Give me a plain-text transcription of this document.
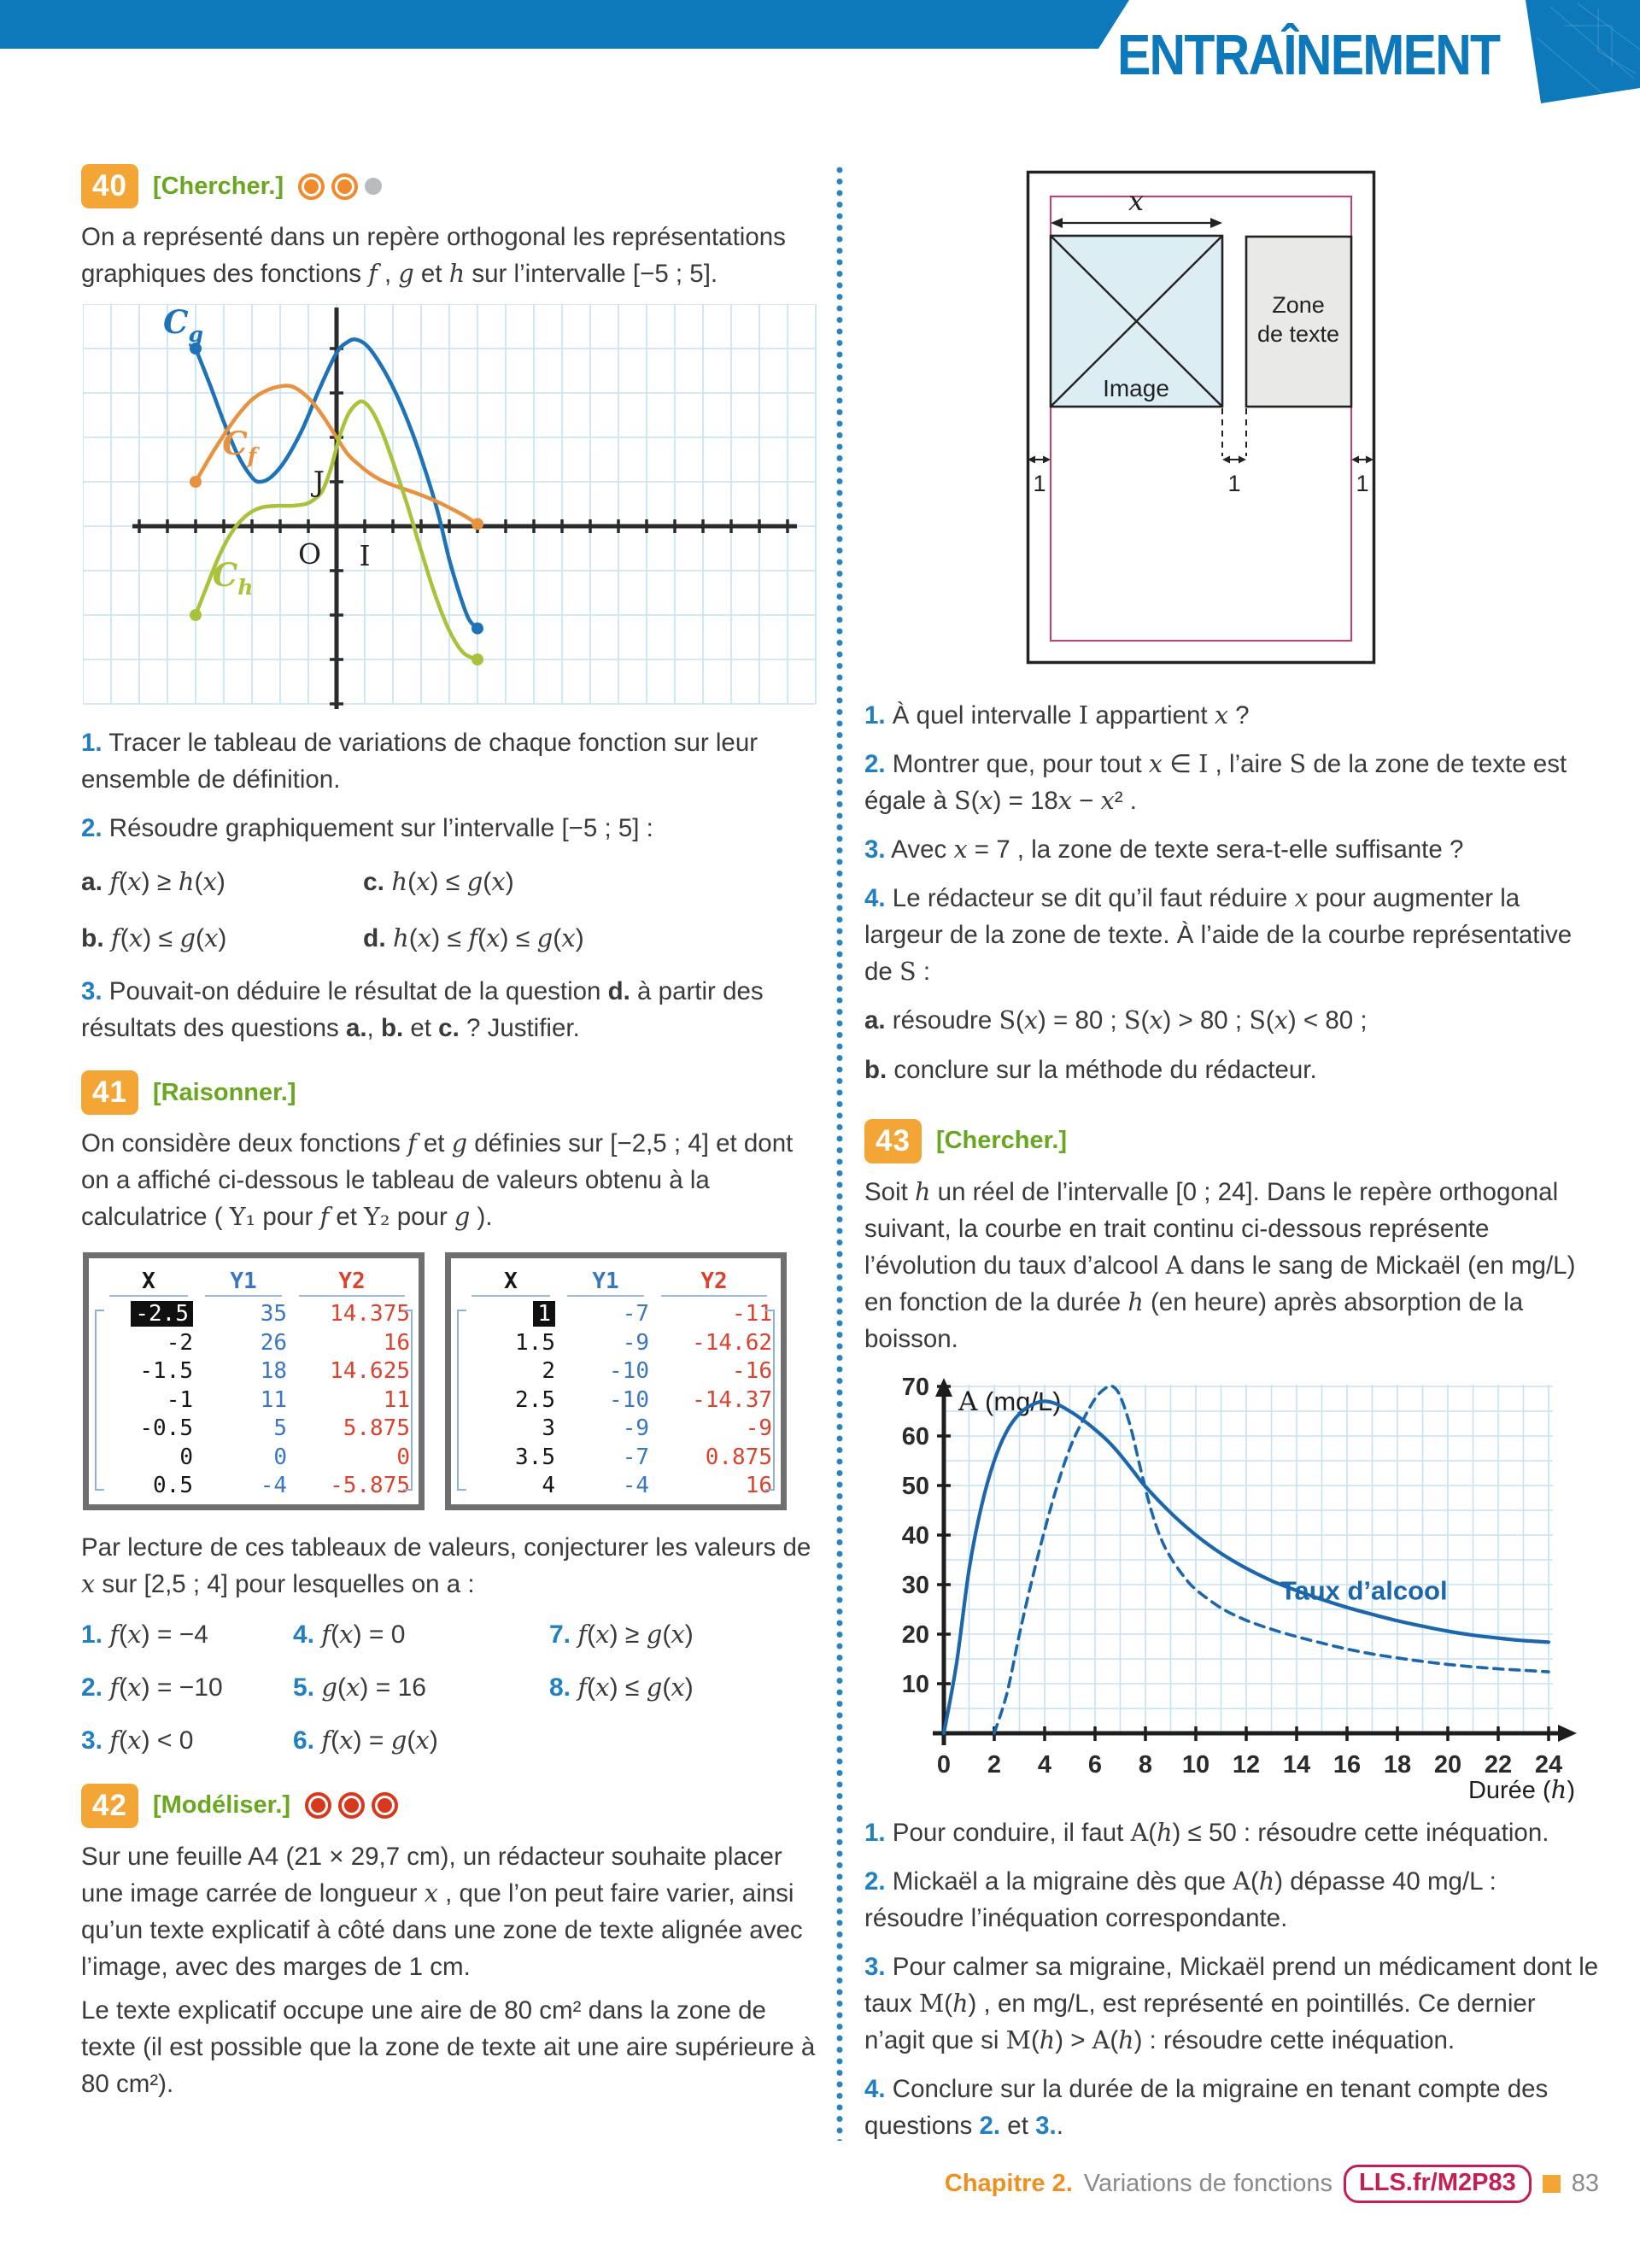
ENTRAÎNEMENT
40	[Chercher.]

On a représenté dans un repère orthogonal les représentations graphiques des fonctions f , g et h sur l’intervalle [−5 ; 5].

$C_g$
$C_f$
$C_h$
O I
J
1. Tracer le tableau de variations de chaque fonction sur leur ensemble de définition.
2. Résoudre graphiquement sur l’intervalle [−5 ; 5] :
a. f(x) ≥ h(x)	c. h(x) ≤ g(x)
b. f(x) ≤ g(x)	d. h(x) ≤ f(x) ≤ g(x)
3. Pouvait-on déduire le résultat de la question d. à partir des résultats des questions a., b. et c. ? Justifier.
41	[Raisonner.]

On considère deux fonctions f et g définies sur [−2,5 ; 4] et dont on a affiché ci-dessous le tableau de valeurs obtenu à la calculatrice ( Y₁ pour f et Y₂ pour g ).

X	Y1	Y2
-2.5	35	14.375
-2	26	16
-1.5	18	14.625
-1	11	11
-0.5	5	5.875
0	0	0
0.5	-4	-5.875
X	Y1	Y2
1	-7	-11
1.5	-9	-14.62
2	-10	-16
2.5	-10	-14.37
3	-9	-9
3.5	-7	0.875
4	-4	16

Par lecture de ces tableaux de valeurs, conjecturer les valeurs de x sur [2,5 ; 4] pour lesquelles on a :

1. f(x) = −4
2. f(x) = −10
3. f(x) < 0
4. f(x) = 0
5. g(x) = 16
6. f(x) = g(x)
7. f(x) ≥ g(x)
8. f(x) ≤ g(x)
42	[Modéliser.]

Sur une feuille A4 (21 × 29,7 cm), un rédacteur souhaite placer une image carrée de longueur x , que l’on peut faire varier, ainsi qu’un texte explicatif à côté dans une zone de texte alignée avec l’image, avec des marges de 1 cm.

Le texte explicatif occupe une aire de 80 cm² dans la zone de texte (il est possible que la zone de texte ait une aire supérieure à 80 cm²).

x
Image
Zone
de texte
1	1	1
1. À quel intervalle I appartient x ?
2. Montrer que, pour tout x ∈ I , l’aire S de la zone de texte est égale à S(x) = 18x − x² .
3. Avec x = 7 , la zone de texte sera-t-elle suffisante ?
4. Le rédacteur se dit qu’il faut réduire x pour augmenter la largeur de la zone de texte. À l’aide de la courbe représentative de S :
a. résoudre S(x) = 80 ; S(x) > 80 ; S(x) < 80 ;
b. conclure sur la méthode du rédacteur.
43	[Chercher.]

Soit h un réel de l’intervalle [0 ; 24]. Dans le repère orthogonal suivant, la courbe en trait continu ci-dessous représente l’évolution du taux d’alcool A dans le sang de Mickaël (en mg/L) en fonction de la durée h (en heure) après absorption de la boisson.

0 2 4 6 8 10 12 14 16 18 20 22 24
10
20
30
40
50
60
70 A (mg/L)
Durée (h)
Taux d’alcool
1. Pour conduire, il faut A(h) ≤ 50 : résoudre cette inéquation.
2. Mickaël a la migraine dès que A(h) dépasse 40 mg/L : résoudre l’inéquation correspondante.
3. Pour calmer sa migraine, Mickaël prend un médicament dont le taux M(h) , en mg/L, est représenté en pointillés. Ce dernier n’agit que si M(h) > A(h) : résoudre cette inéquation.
4. Conclure sur la durée de la migraine en tenant compte des questions 2. et 3..
Chapitre 2. Variations de fonctions	LLS.fr/M2P83	83
